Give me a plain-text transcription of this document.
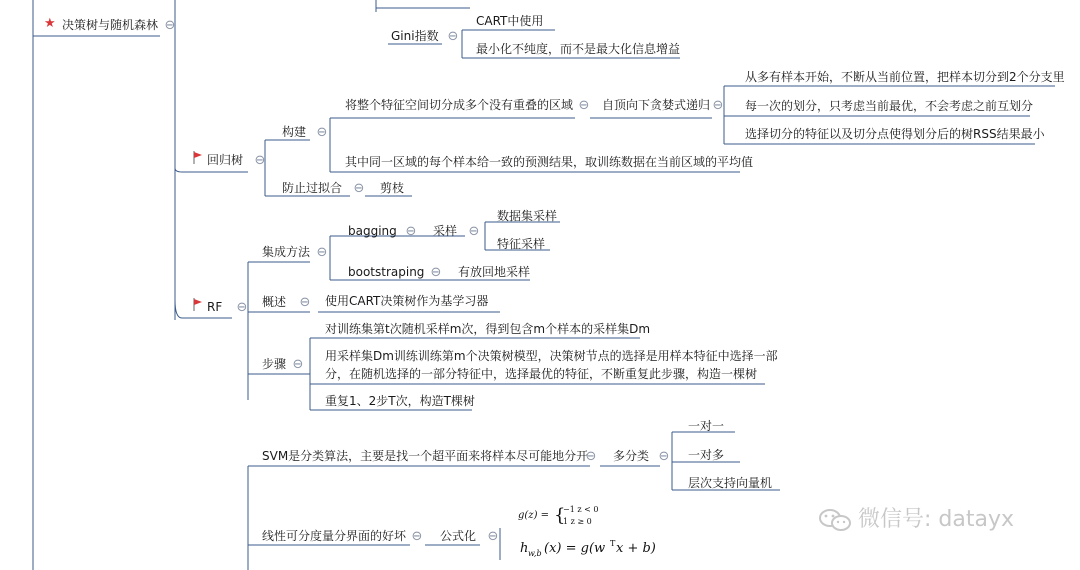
★ 决策树与随机森林 ⊖
Gini指数 ⊖
CART中使用
最小化不纯度，而不是最大化信息增益
回归树 ⊖
构建 ⊖
将整个特征空间切分成多个没有重叠的区域 ⊖ 自顶向下贪婪式递归 ⊖
从多有样本开始，不断从当前位置，把样本切分到2个分支里
每一次的划分，只考虑当前最优，不会考虑之前互划分
选择切分的特征以及切分点使得划分后的树RSS结果最小
其中同一区域的每个样本给一致的预测结果，取训练数据在当前区域的平均值
防止过拟合 ⊖ 剪枝
RF ⊖
集成方法 ⊖
bagging ⊖ 采样 ⊖
数据集采样
特征采样
bootstraping ⊖ 有放回地采样
概述 ⊖ 使用CART决策树作为基学习器
步骤 ⊖
对训练集第t次随机采样m次，得到包含m个样本的采样集Dm
用采样集Dm训练训练第m个决策树模型，决策树节点的选择是用样本特征中选择一部
分，在随机选择的一部分特征中，选择最优的特征，不断重复此步骤，构造一棵树
重复1、2步T次，构造T棵树
SVM是分类算法，主要是找一个超平面来将样本尽可能地分开
⊖ 多分类 ⊖
一对一
一对多
层次支持向量机
线性可分度量分界面的好坏 ⊖ 公式化 ⊖
g(z) = {
−1 z < 0
1 z ≥ 0
h w,b (x) = g(w T x + b)
微信号: datayx
